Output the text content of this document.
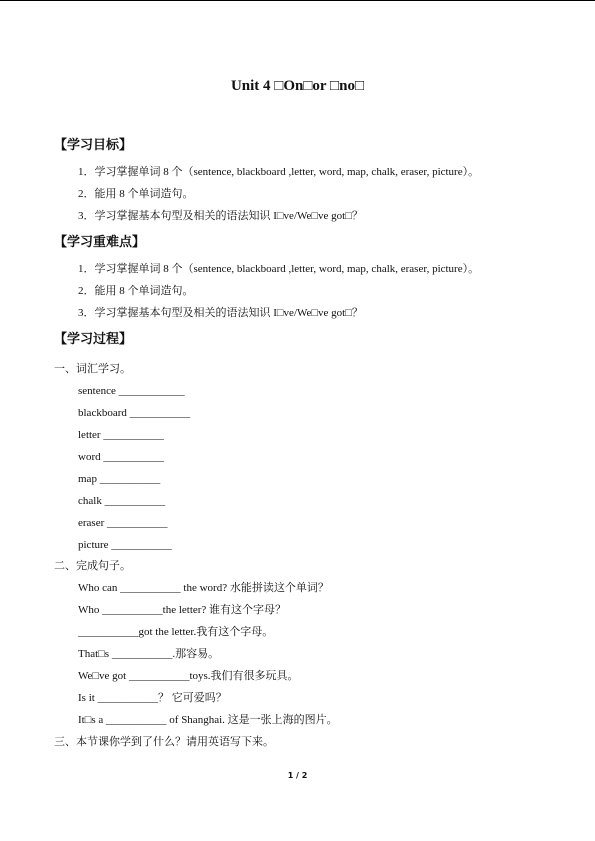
Unit 4 □On□or □no□
【学习目标】
1．学习掌握单词 8 个（sentence, blackboard ,letter, word, map, chalk, eraser, picture）。
2．能用 8 个单词造句。
3．学习掌握基本句型及相关的语法知识 I□ve/We□ve got□？
【学习重难点】
1．学习掌握单词 8 个（sentence, blackboard ,letter, word, map, chalk, eraser, picture）。
2．能用 8 个单词造句。
3．学习掌握基本句型及相关的语法知识 I□ve/We□ve got□？
【学习过程】
一、词汇学习。
sentence ____________
blackboard ___________
letter ___________
word ___________
map ___________
chalk ___________
eraser ___________
picture ___________
二、完成句子。
Who can ___________ the word? 水能拼读这个单词？
Who ___________the letter? 谁有这个字母？
___________got the letter.我有这个字母。
That□s ___________.那容易。
We□ve got ___________toys.我们有很多玩具。
Is it ___________？ 它可爱吗？
It□s a ___________ of Shanghai. 这是一张上海的图片。
三、本节课你学到了什么？请用英语写下来。
1 / 2
